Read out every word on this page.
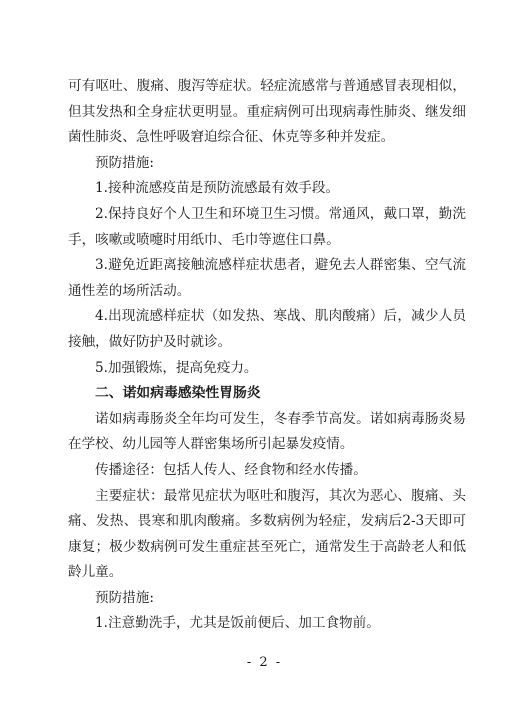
可有呕吐、腹痛、腹泻等症状。轻症流感常与普通感冒表现相似，但其发热和全身症状更明显。重症病例可出现病毒性肺炎、继发细菌性肺炎、急性呼吸窘迫综合征、休克等多种并发症。

预防措施:

1.接种流感疫苗是预防流感最有效手段。

2.保持良好个人卫生和环境卫生习惯。常通风，戴口罩，勤洗手，咳嗽或喷嚏时用纸巾、毛巾等遮住口鼻。

3.避免近距离接触流感样症状患者，避免去人群密集、空气流通性差的场所活动。

4.出现流感样症状（如发热、寒战、肌肉酸痛）后，减少人员接触，做好防护及时就诊。

5.加强锻炼，提高免疫力。

二、诺如病毒感染性胃肠炎

诺如病毒肠炎全年均可发生，冬春季节高发。诺如病毒肠炎易在学校、幼儿园等人群密集场所引起暴发疫情。

传播途径：包括人传人、经食物和经水传播。

主要症状：最常见症状为呕吐和腹泻，其次为恶心、腹痛、头痛、发热、畏寒和肌肉酸痛。多数病例为轻症，发病后2-3天即可康复；极少数病例可发生重症甚至死亡，通常发生于高龄老人和低龄儿童。

预防措施:

1.注意勤洗手，尤其是饭前便后、加工食物前。

- 2 -
